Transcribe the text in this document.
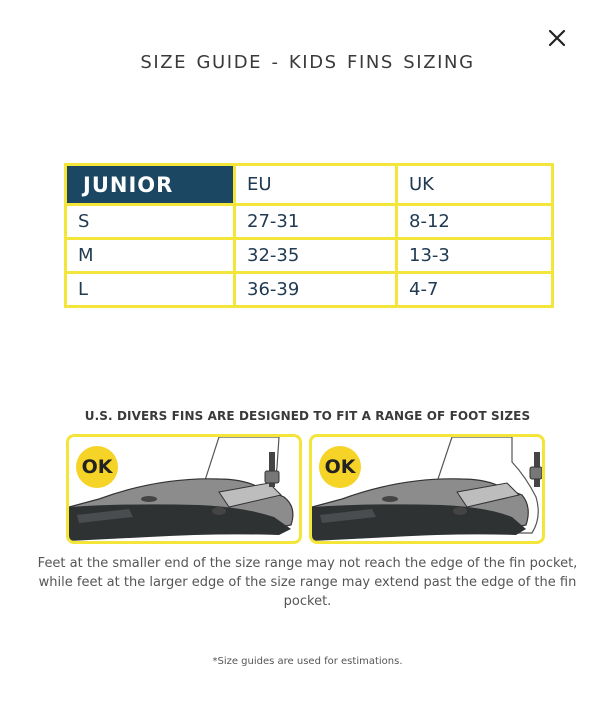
SIZE GUIDE - KIDS FINS SIZING
JUNIOR	EU	UK
S	27-31	8-12
M	32-35	13-3
L	36-39	4-7
U.S. DIVERS FINS ARE DESIGNED TO FIT A RANGE OF FOOT SIZES
OK	OK
Feet at the smaller end of the size range may not reach the edge of the fin pocket, while feet at the larger edge of the size range may extend past the edge of the fin pocket.
*Size guides are used for estimations.
